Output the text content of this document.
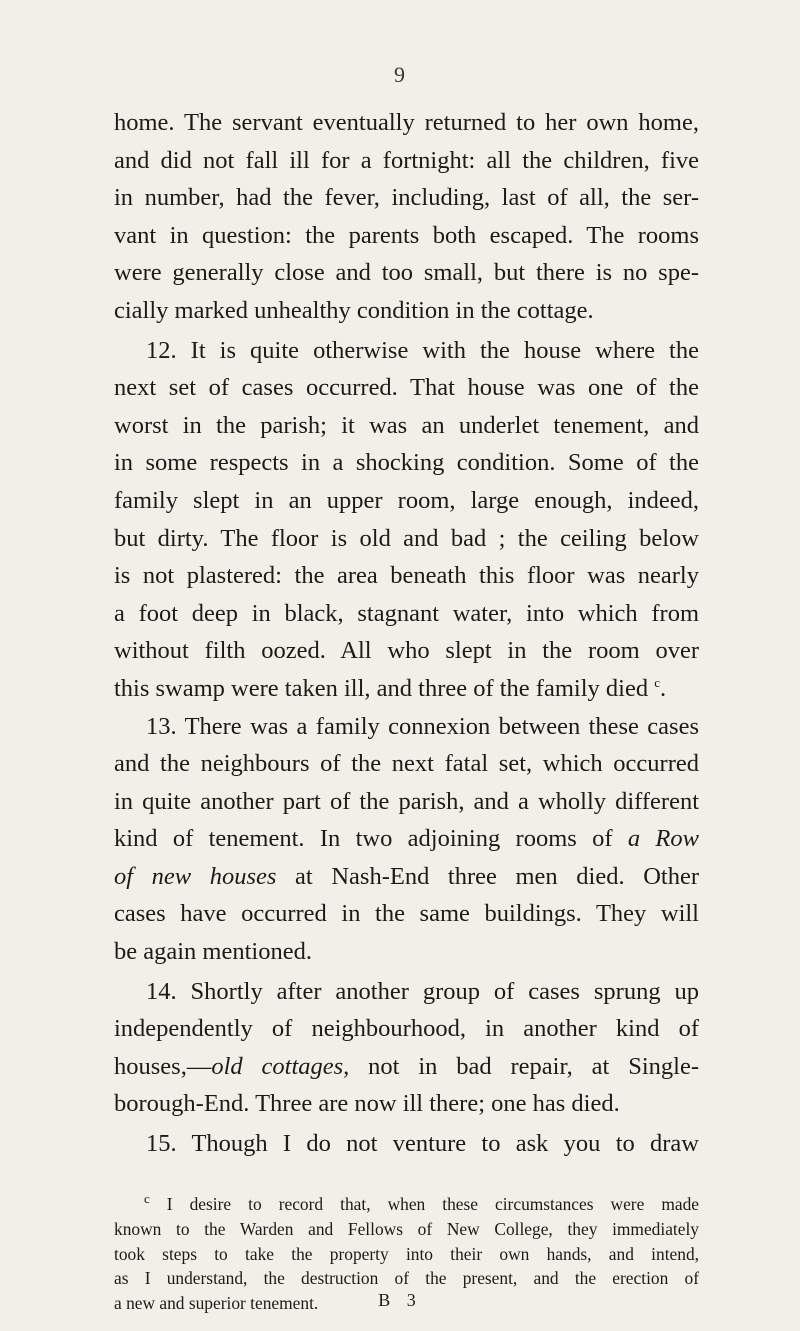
9
home. The servant eventually returned to her own home,
and did not fall ill for a fortnight: all the children, five
in number, had the fever, including, last of all, the ser-
vant in question: the parents both escaped. The rooms
were generally close and too small, but there is no spe-
cially marked unhealthy condition in the cottage.
12. It is quite otherwise with the house where the
next set of cases occurred. That house was one of the
worst in the parish; it was an underlet tenement, and
in some respects in a shocking condition. Some of the
family slept in an upper room, large enough, indeed,
but dirty. The floor is old and bad ; the ceiling below
is not plastered: the area beneath this floor was nearly
a foot deep in black, stagnant water, into which from
without filth oozed. All who slept in the room over
this swamp were taken ill, and three of the family died $^c$.
13. There was a family connexion between these cases
and the neighbours of the next fatal set, which occurred
in quite another part of the parish, and a wholly different
kind of tenement. In two adjoining rooms of a Row
of new houses at Nash-End three men died. Other
cases have occurred in the same buildings. They will
be again mentioned.
14. Shortly after another group of cases sprung up
independently of neighbourhood, in another kind of
houses,—old cottages, not in bad repair, at Single-
borough-End. Three are now ill there; one has died.
15. Though I do not venture to ask you to draw
$^c$ I desire to record that, when these circumstances were made
known to the Warden and Fellows of New College, they immediately
took steps to take the property into their own hands, and intend,
as I understand, the destruction of the present, and the erection of
a new and superior tenement.	B 3
